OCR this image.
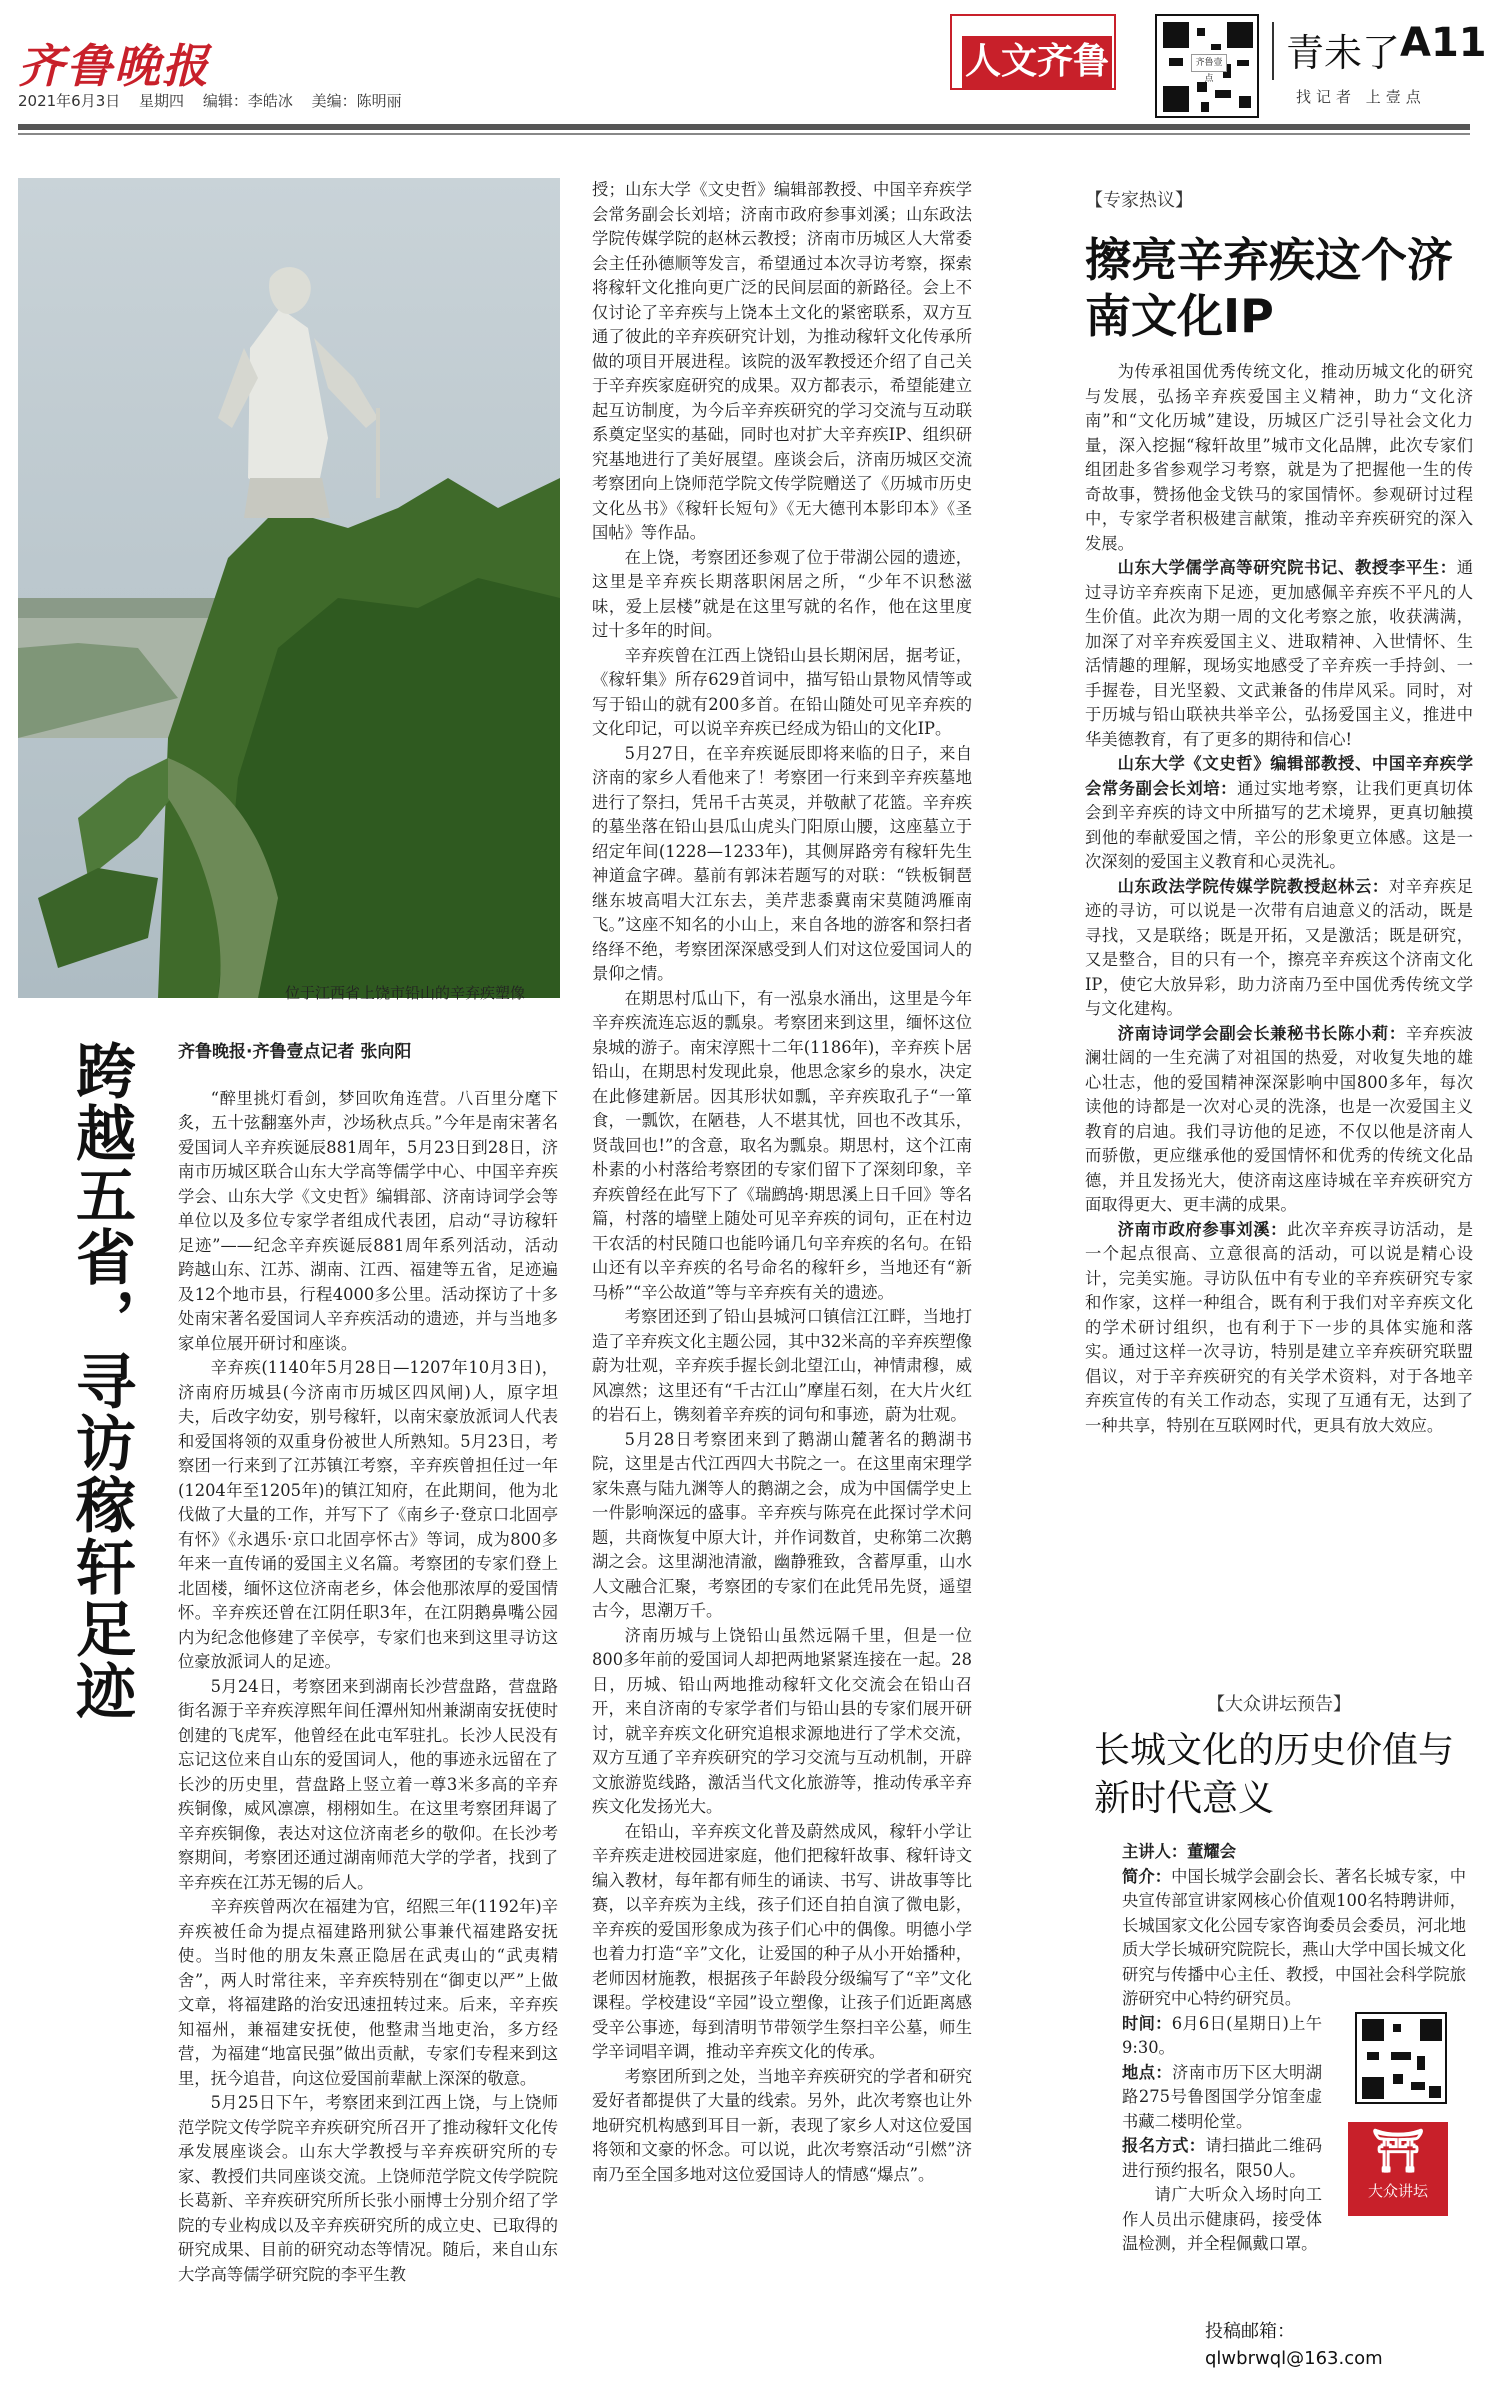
齐鲁晚报
2021年6月3日 星期四 编辑：李皓冰 美编：陈明丽
人文齐鲁	齐鲁壹点
青未了 A11
找记者 上壹点
位于江西省上饶市铅山的辛弃疾塑像
跨越五省，寻访稼轩足迹 齐鲁晚报·齐鲁壹点记者 张向阳

“醉里挑灯看剑，梦回吹角连营。八百里分麾下炙，五十弦翻塞外声，沙场秋点兵。”今年是南宋著名爱国词人辛弃疾诞辰881周年，5月23日到28日，济南市历城区联合山东大学高等儒学中心、中国辛弃疾学会、山东大学《文史哲》编辑部、济南诗词学会等单位以及多位专家学者组成代表团，启动“寻访稼轩足迹”——纪念辛弃疾诞辰881周年系列活动，活动跨越山东、江苏、湖南、江西、福建等五省，足迹遍及12个地市县，行程4000多公里。活动探访了十多处南宋著名爱国词人辛弃疾活动的遗迹，并与当地多家单位展开研讨和座谈。

辛弃疾(1140年5月28日—1207年10月3日)，济南府历城县(今济南市历城区四风闸)人，原字坦夫，后改字幼安，别号稼轩，以南宋豪放派词人代表和爱国将领的双重身份被世人所熟知。5月23日，考察团一行来到了江苏镇江考察，辛弃疾曾担任过一年(1204年至1205年)的镇江知府，在此期间，他为北伐做了大量的工作，并写下了《南乡子·登京口北固亭有怀》《永遇乐·京口北固亭怀古》等词，成为800多年来一直传诵的爱国主义名篇。考察团的专家们登上北固楼，缅怀这位济南老乡，体会他那浓厚的爱国情怀。辛弃疾还曾在江阴任职3年，在江阴鹅鼻嘴公园内为纪念他修建了辛侯亭，专家们也来到这里寻访这位豪放派词人的足迹。

5月24日，考察团来到湖南长沙营盘路，营盘路街名源于辛弃疾淳熙年间任潭州知州兼湖南安抚使时创建的飞虎军，他曾经在此屯军驻扎。长沙人民没有忘记这位来自山东的爱国词人，他的事迹永远留在了长沙的历史里，营盘路上竖立着一尊3米多高的辛弃疾铜像，威风凛凛，栩栩如生。在这里考察团拜谒了辛弃疾铜像，表达对这位济南老乡的敬仰。在长沙考察期间，考察团还通过湖南师范大学的学者，找到了辛弃疾在江苏无锡的后人。

辛弃疾曾两次在福建为官，绍熙三年(1192年)辛弃疾被任命为提点福建路刑狱公事兼代福建路安抚使。当时他的朋友朱熹正隐居在武夷山的“武夷精舍”，两人时常往来，辛弃疾特别在“御吏以严”上做文章，将福建路的治安迅速扭转过来。后来，辛弃疾知福州，兼福建安抚使，他整肃当地吏治，多方经营，为福建“地富民强”做出贡献，专家们专程来到这里，抚今追昔，向这位爱国前辈献上深深的敬意。

5月25日下午，考察团来到江西上饶，与上饶师范学院文传学院辛弃疾研究所召开了推动稼轩文化传承发展座谈会。山东大学教授与辛弃疾研究所的专家、教授们共同座谈交流。上饶师范学院文传学院院长葛新、辛弃疾研究所所长张小丽博士分别介绍了学院的专业构成以及辛弃疾研究所的成立史、已取得的研究成果、目前的研究动态等情况。随后，来自山东大学高等儒学研究院的李平生教

授；山东大学《文史哲》编辑部教授、中国辛弃疾学会常务副会长刘培；济南市政府参事刘溪；山东政法学院传媒学院的赵林云教授；济南市历城区人大常委会主任孙德顺等发言，希望通过本次寻访考察，探索将稼轩文化推向更广泛的民间层面的新路径。会上不仅讨论了辛弃疾与上饶本土文化的紧密联系，双方互通了彼此的辛弃疾研究计划，为推动稼轩文化传承所做的项目开展进程。该院的汲军教授还介绍了自己关于辛弃疾家庭研究的成果。双方都表示，希望能建立起互访制度，为今后辛弃疾研究的学习交流与互动联系奠定坚实的基础，同时也对扩大辛弃疾IP、组织研究基地进行了美好展望。座谈会后，济南历城区交流考察团向上饶师范学院文传学院赠送了《历城市历史文化丛书》《稼轩长短句》《无大德刊本影印本》《圣国帖》等作品。

在上饶，考察团还参观了位于带湖公园的遗迹，这里是辛弃疾长期落职闲居之所，“少年不识愁滋味，爱上层楼”就是在这里写就的名作，他在这里度过十多年的时间。

辛弃疾曾在江西上饶铅山县长期闲居，据考证，《稼轩集》所存629首词中，描写铅山景物风情等或写于铅山的就有200多首。在铅山随处可见辛弃疾的文化印记，可以说辛弃疾已经成为铅山的文化IP。

5月27日，在辛弃疾诞辰即将来临的日子，来自济南的家乡人看他来了！考察团一行来到辛弃疾墓地进行了祭扫，凭吊千古英灵，并敬献了花篮。辛弃疾的墓坐落在铅山县瓜山虎头门阳原山腰，这座墓立于绍定年间(1228—1233年)，其侧屏路旁有稼轩先生神道盒字碑。墓前有郭沫若题写的对联：“铁板铜琶继东坡高唱大江东去，美芹悲黍冀南宋莫随鸿雁南飞。”这座不知名的小山上，来自各地的游客和祭扫者络绎不绝，考察团深深感受到人们对这位爱国词人的景仰之情。

在期思村瓜山下，有一泓泉水涌出，这里是今年辛弃疾流连忘返的瓢泉。考察团来到这里，缅怀这位泉城的游子。南宋淳熙十二年(1186年)，辛弃疾卜居铅山，在期思村发现此泉，他思念家乡的泉水，决定在此修建新居。因其形状如瓢，辛弃疾取孔子“一箪食，一瓢饮，在陋巷，人不堪其忧，回也不改其乐，贤哉回也!”的含意，取名为瓢泉。期思村，这个江南朴素的小村落给考察团的专家们留下了深刻印象，辛弃疾曾经在此写下了《瑞鹧鸪·期思溪上日千回》等名篇，村落的墙壁上随处可见辛弃疾的词句，正在村边干农活的村民随口也能吟诵几句辛弃疾的名句。在铅山还有以辛弃疾的名号命名的稼轩乡，当地还有“新马桥”“辛公故道”等与辛弃疾有关的遗迹。

考察团还到了铅山县城河口镇信江江畔，当地打造了辛弃疾文化主题公园，其中32米高的辛弃疾塑像蔚为壮观，辛弃疾手握长剑北望江山，神情肃穆，威风凛然；这里还有“千古江山”摩崖石刻，在大片火红的岩石上，镌刻着辛弃疾的词句和事迹，蔚为壮观。

5月28日考察团来到了鹅湖山麓著名的鹅湖书院，这里是古代江西四大书院之一。在这里南宋理学家朱熹与陆九渊等人的鹅湖之会，成为中国儒学史上一件影响深远的盛事。辛弃疾与陈亮在此探讨学术问题，共商恢复中原大计，并作词数首，史称第二次鹅湖之会。这里湖池清澈，幽静雅致，含蓄厚重，山水人文融合汇聚，考察团的专家们在此凭吊先贤，遥望古今，思潮万千。

济南历城与上饶铅山虽然远隔千里，但是一位800多年前的爱国词人却把两地紧紧连接在一起。28日，历城、铅山两地推动稼轩文化交流会在铅山召开，来自济南的专家学者们与铅山县的专家们展开研讨，就辛弃疾文化研究追根求源地进行了学术交流，双方互通了辛弃疾研究的学习交流与互动机制，开辟文旅游览线路，激活当代文化旅游等，推动传承辛弃疾文化发扬光大。

在铅山，辛弃疾文化普及蔚然成风，稼轩小学让辛弃疾走进校园进家庭，他们把稼轩故事、稼轩诗文编入教材，每年都有师生的诵读、书写、讲故事等比赛，以辛弃疾为主线，孩子们还自拍自演了微电影，辛弃疾的爱国形象成为孩子们心中的偶像。明德小学也着力打造“辛”文化，让爱国的种子从小开始播种，老师因材施教，根据孩子年龄段分级编写了“辛”文化课程。学校建设“辛园”设立塑像，让孩子们近距离感受辛公事迹，每到清明节带领学生祭扫辛公墓，师生学辛词唱辛调，推动辛弃疾文化的传承。

考察团所到之处，当地辛弃疾研究的学者和研究爱好者都提供了大量的线索。另外，此次考察也让外地研究机构感到耳目一新，表现了家乡人对这位爱国将领和文豪的怀念。可以说，此次考察活动“引燃”济南乃至全国多地对这位爱国诗人的情感“爆点”。

【专家热议】
擦亮辛弃疾这个济南文化IP

为传承祖国优秀传统文化，推动历城文化的研究与发展，弘扬辛弃疾爱国主义精神，助力“文化济南”和“文化历城”建设，历城区广泛引导社会文化力量，深入挖掘“稼轩故里”城市文化品牌，此次专家们组团赴多省参观学习考察，就是为了把握他一生的传奇故事，赞扬他金戈铁马的家国情怀。参观研讨过程中，专家学者积极建言献策，推动辛弃疾研究的深入发展。

山东大学儒学高等研究院书记、教授李平生：通过寻访辛弃疾南下足迹，更加感佩辛弃疾不平凡的人生价值。此次为期一周的文化考察之旅，收获满满，加深了对辛弃疾爱国主义、进取精神、入世情怀、生活情趣的理解，现场实地感受了辛弃疾一手持剑、一手握卷，目光坚毅、文武兼备的伟岸风采。同时，对于历城与铅山联袂共举辛公，弘扬爱国主义，推进中华美德教育，有了更多的期待和信心!

山东大学《文史哲》编辑部教授、中国辛弃疾学会常务副会长刘培：通过实地考察，让我们更真切体会到辛弃疾的诗文中所描写的艺术境界，更真切触摸到他的奉献爱国之情，辛公的形象更立体感。这是一次深刻的爱国主义教育和心灵洗礼。

山东政法学院传媒学院教授赵林云：对辛弃疾足迹的寻访，可以说是一次带有启迪意义的活动，既是寻找，又是联络；既是开拓，又是激活；既是研究，又是整合，目的只有一个，擦亮辛弃疾这个济南文化IP，使它大放异彩，助力济南乃至中国优秀传统文学与文化建构。

济南诗词学会副会长兼秘书长陈小莉：辛弃疾波澜壮阔的一生充满了对祖国的热爱，对收复失地的雄心壮志，他的爱国精神深深影响中国800多年，每次读他的诗都是一次对心灵的洗涤，也是一次爱国主义教育的启迪。我们寻访他的足迹，不仅以他是济南人而骄傲，更应继承他的爱国情怀和优秀的传统文化品德，并且发扬光大，使济南这座诗城在辛弃疾研究方面取得更大、更丰满的成果。

济南市政府参事刘溪：此次辛弃疾寻访活动，是一个起点很高、立意很高的活动，可以说是精心设计，完美实施。寻访队伍中有专业的辛弃疾研究专家和作家，这样一种组合，既有利于我们对辛弃疾文化的学术研讨组织，也有利于下一步的具体实施和落实。通过这样一次寻访，特别是建立辛弃疾研究联盟倡议，对于辛弃疾研究的有关学术资料，对于各地辛弃疾宣传的有关工作动态，实现了互通有无，达到了一种共享，特别在互联网时代，更具有放大效应。

【大众讲坛预告】
长城文化的历史价值与新时代意义
主讲人：董耀会
简介：中国长城学会副会长、著名长城专家，中央宣传部宣讲家网核心价值观100名特聘讲师，长城国家文化公园专家咨询委员会委员，河北地质大学长城研究院院长，燕山大学中国长城文化研究与传播中心主任、教授，中国社会科学院旅游研究中心特约研究员。
时间：6月6日(星期日)上午9:30。
地点：济南市历下区大明湖路275号鲁图国学分馆奎虚书藏二楼明伦堂。
报名方式：请扫描此二维码进行预约报名，限50人。
请广大听众入场时向工作人员出示健康码，接受体温检测，并全程佩戴口罩。
⛩
大众讲坛
投稿邮箱：
qlwbrwql@163.com
